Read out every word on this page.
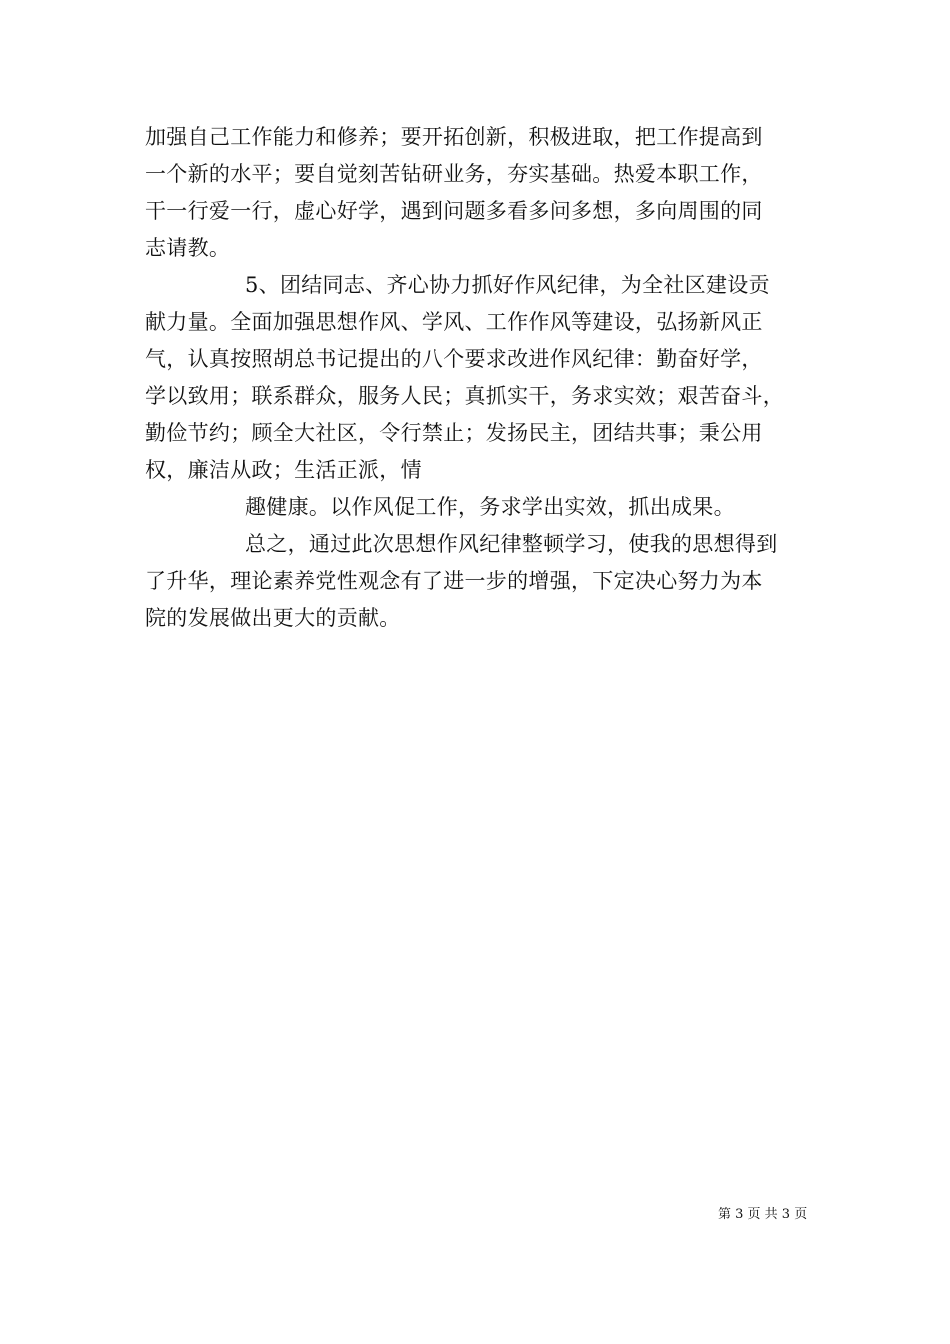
加强自己工作能力和修养；要开拓创新，积极进取，把工作提高到
一个新的水平；要自觉刻苦钻研业务，夯实基础。热爱本职工作，
干一行爱一行，虚心好学，遇到问题多看多问多想，多向周围的同
志请教。
5、团结同志、齐心协力抓好作风纪律，为全社区建设贡
献力量。全面加强思想作风、学风、工作作风等建设，弘扬新风正
气，认真按照胡总书记提出的八个要求改进作风纪律：勤奋好学，
学以致用；联系群众，服务人民；真抓实干，务求实效；艰苦奋斗，
勤俭节约；顾全大社区，令行禁止；发扬民主，团结共事；秉公用
权，廉洁从政；生活正派，情
趣健康。以作风促工作，务求学出实效，抓出成果。
总之，通过此次思想作风纪律整顿学习，使我的思想得到
了升华，理论素养党性观念有了进一步的增强，下定决心努力为本
院的发展做出更大的贡献。
第 3 页 共 3 页
